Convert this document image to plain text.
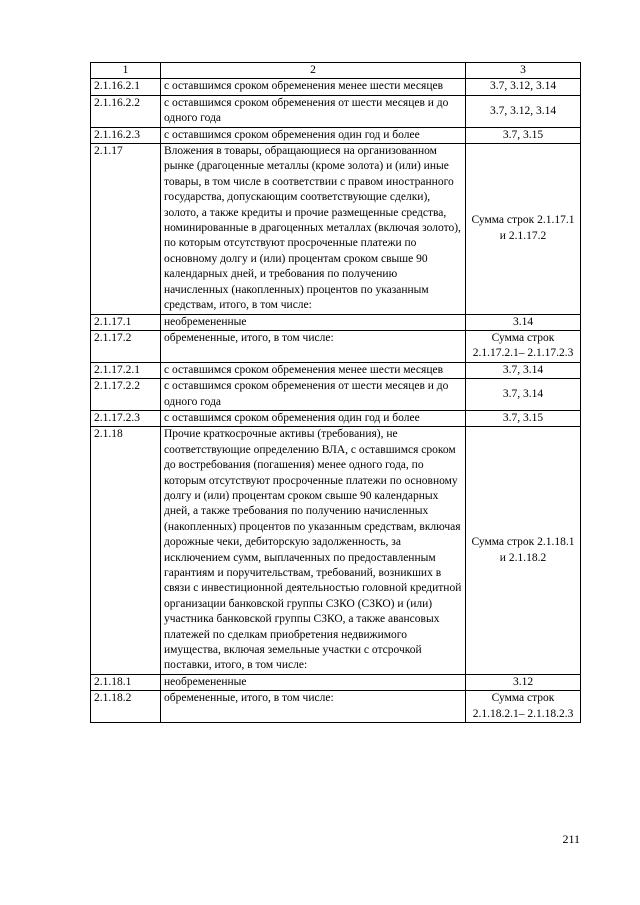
1	2	3
2.1.16.2.1	с оставшимся сроком обременения менее шести месяцев	3.7, 3.12, 3.14
2.1.16.2.2	с оставшимся сроком обременения от шести месяцев и до одного года	3.7, 3.12, 3.14
2.1.16.2.3	с оставшимся сроком обременения один год и более	3.7, 3.15
2.1.17	Вложения в товары, обращающиеся на организованном рынке (драгоценные металлы (кроме золота) и (или) иные товары, в том числе в соответствии с правом иностранного государства, допускающим соответствующие сделки), золото, а также кредиты и прочие размещенные средства, номинированные в драгоценных металлах (включая золото), по которым отсутствуют просроченные платежи по основному долгу и (или) процентам сроком свыше 90 календарных дней, и требования по получению начисленных (накопленных) процентов по указанным средствам, итого, в том числе:	Сумма строк 2.1.17.1 и 2.1.17.2
2.1.17.1	необремененные	3.14
2.1.17.2	обремененные, итого, в том числе:	Сумма строк 2.1.17.2.1– 2.1.17.2.3
2.1.17.2.1	с оставшимся сроком обременения менее шести месяцев	3.7, 3.14
2.1.17.2.2	с оставшимся сроком обременения от шести месяцев и до одного года	3.7, 3.14
2.1.17.2.3	с оставшимся сроком обременения один год и более	3.7, 3.15
2.1.18	Прочие краткосрочные активы (требования), не соответствующие определению ВЛА, с оставшимся сроком до востребования (погашения) менее одного года, по которым отсутствуют просроченные платежи по основному долгу и (или) процентам сроком свыше 90 календарных дней, а также требования по получению начисленных (накопленных) процентов по указанным средствам, включая дорожные чеки, дебиторскую задолженность, за исключением сумм, выплаченных по предоставленным гарантиям и поручительствам, требований, возникших в связи с инвестиционной деятельностью головной кредитной организации банковской группы СЗКО (СЗКО) и (или) участника банковской группы СЗКО, а также авансовых платежей по сделкам приобретения недвижимого имущества, включая земельные участки с отсрочкой поставки, итого, в том числе:	Сумма строк 2.1.18.1 и 2.1.18.2
2.1.18.1	необремененные	3.12
2.1.18.2	обремененные, итого, в том числе:	Сумма строк 2.1.18.2.1– 2.1.18.2.3
211
